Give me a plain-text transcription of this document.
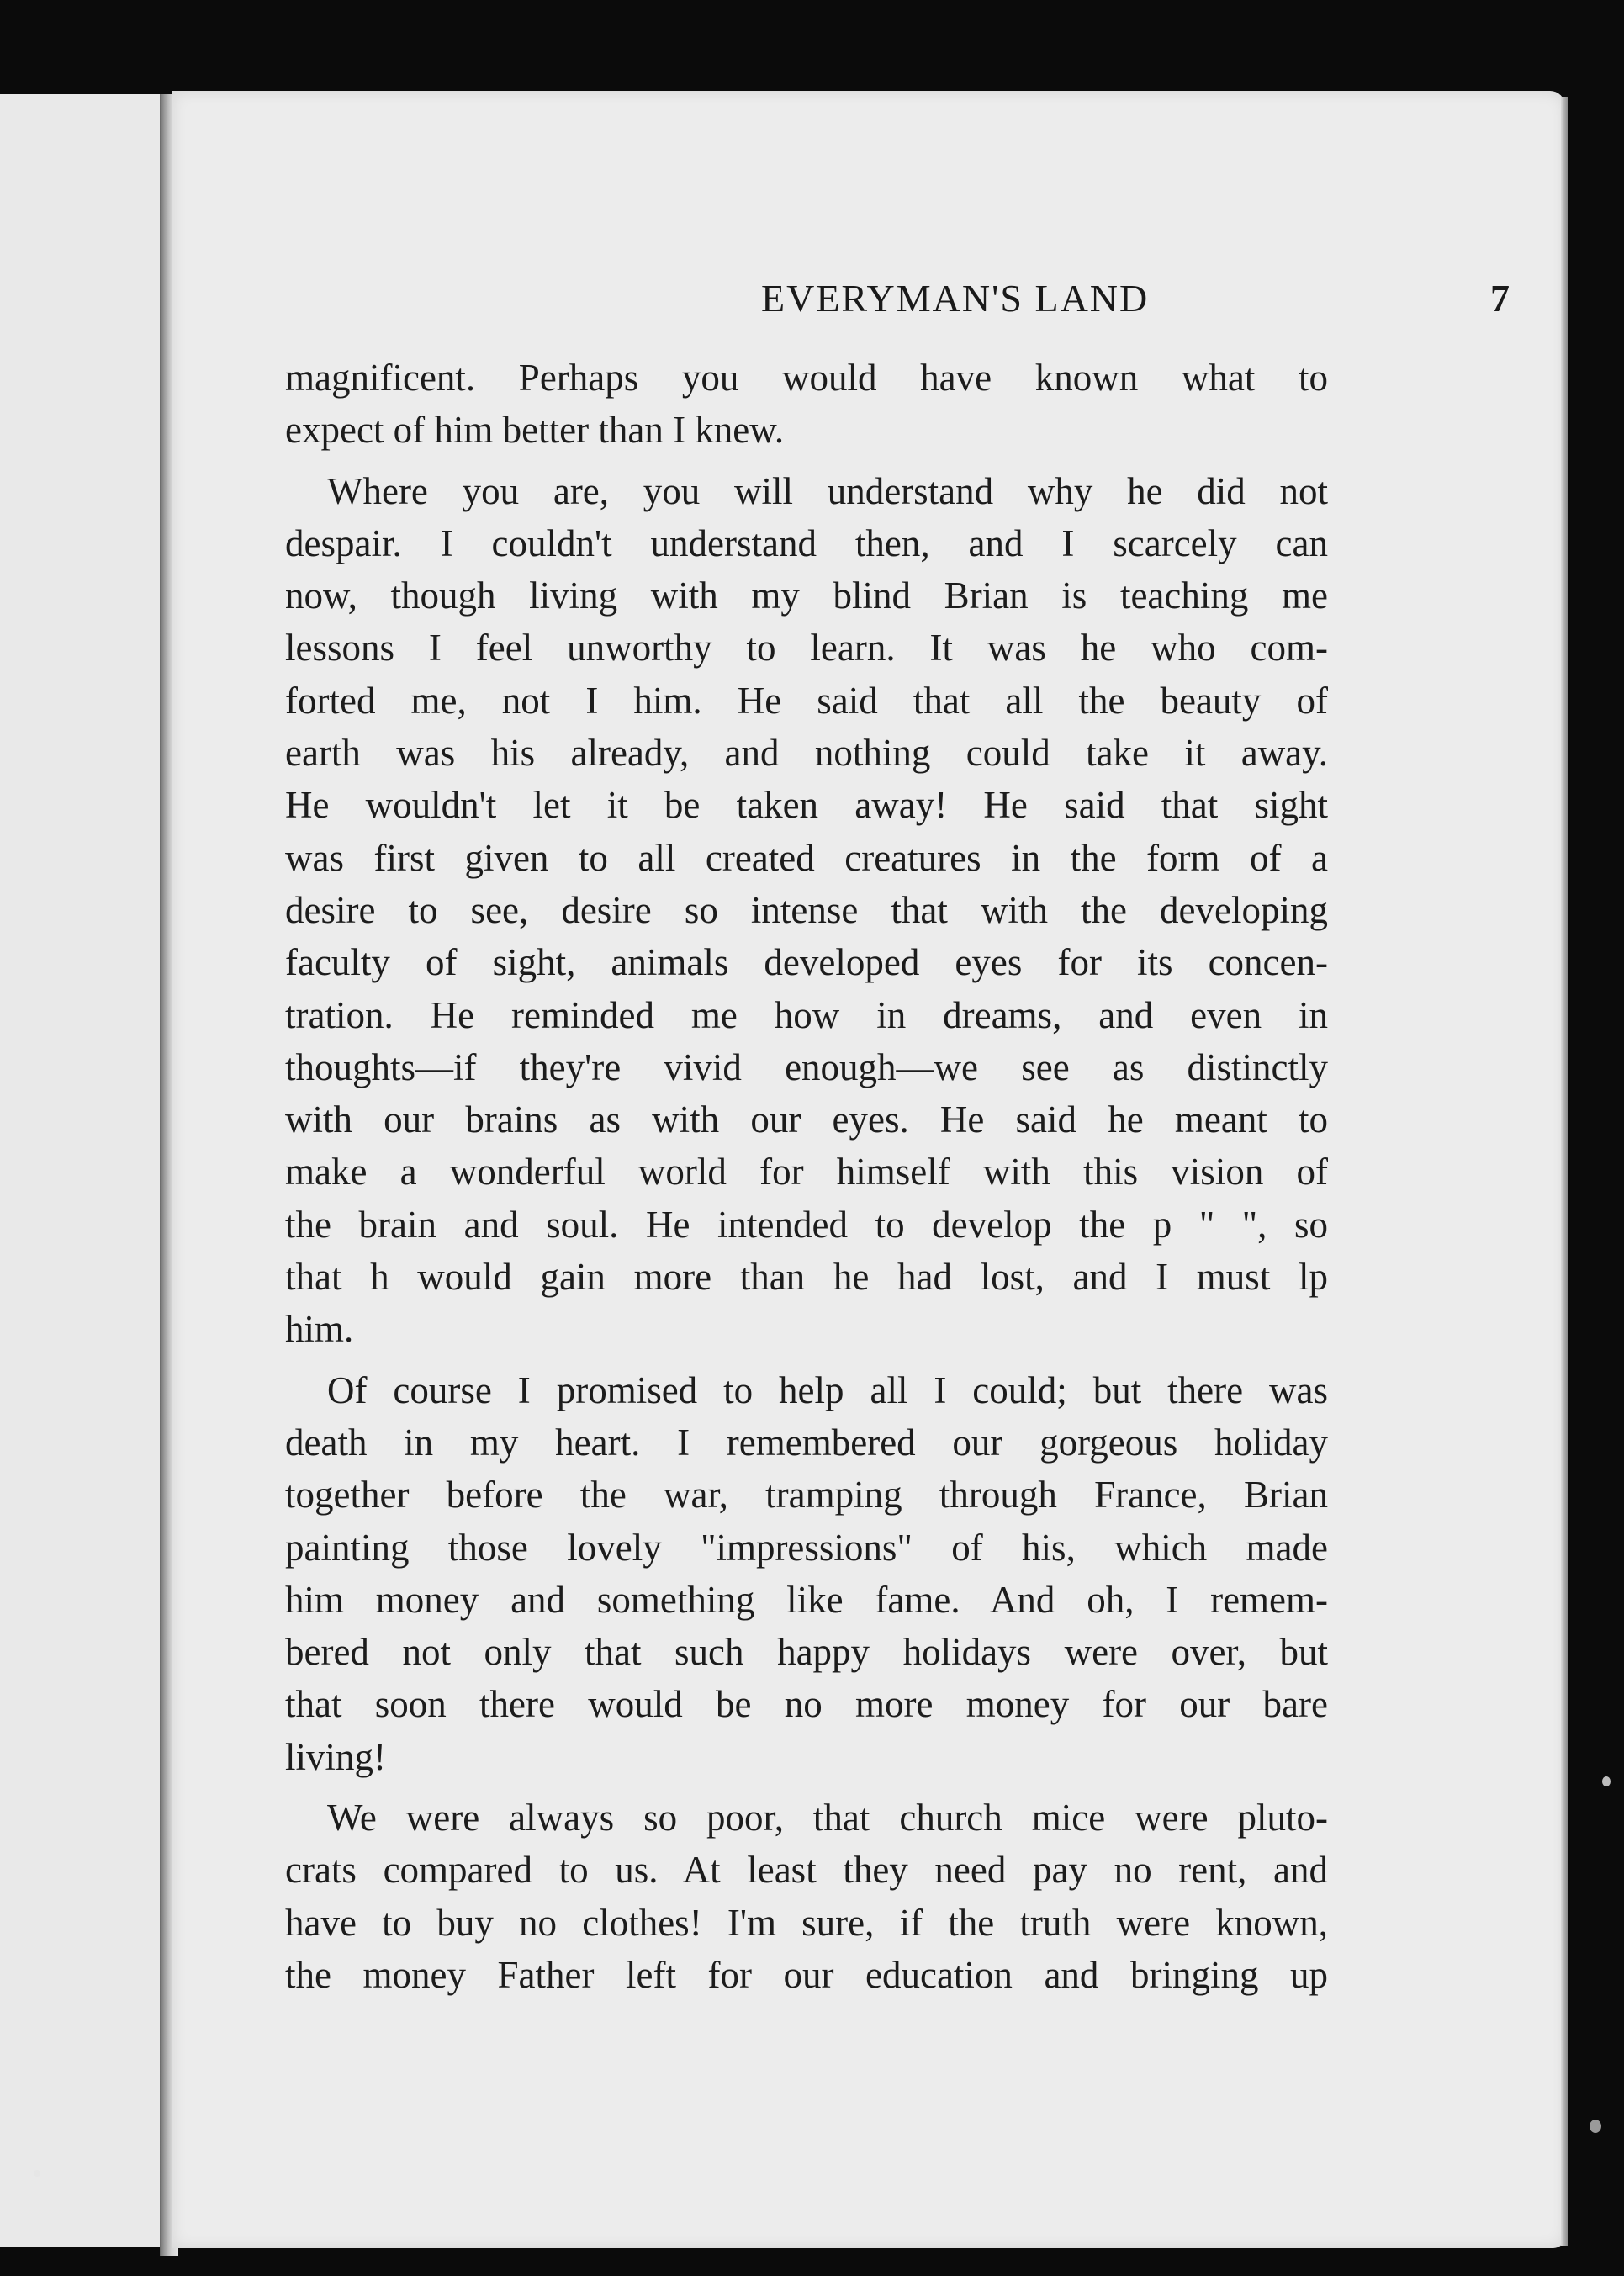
EVERYMAN'S LAND	7
magnificent. Perhaps you would have known what to
expect of him better than I knew.
Where you are, you will understand why he did not
despair. I couldn't understand then, and I scarcely can
now, though living with my blind Brian is teaching me
lessons I feel unworthy to learn. It was he who com-
forted me, not I him. He said that all the beauty of
earth was his already, and nothing could take it away.
He wouldn't let it be taken away! He said that sight
was first given to all created creatures in the form of a
desire to see, desire so intense that with the developing
faculty of sight, animals developed eyes for its concen-
tration. He reminded me how in dreams, and even in
thoughts—if they're vivid enough—we see as distinctly
with our brains as with our eyes. He said he meant to
make a wonderful world for himself with this vision of
the brain and soul. He intended to develop the p " ", so
that h would gain more than he had lost, and I must lp
him.
Of course I promised to help all I could; but there was
death in my heart. I remembered our gorgeous holiday
together before the war, tramping through France, Brian
painting those lovely "impressions" of his, which made
him money and something like fame. And oh, I remem-
bered not only that such happy holidays were over, but
that soon there would be no more money for our bare
living!
We were always so poor, that church mice were pluto-
crats compared to us. At least they need pay no rent, and
have to buy no clothes! I'm sure, if the truth were known,
the money Father left for our education and bringing up
